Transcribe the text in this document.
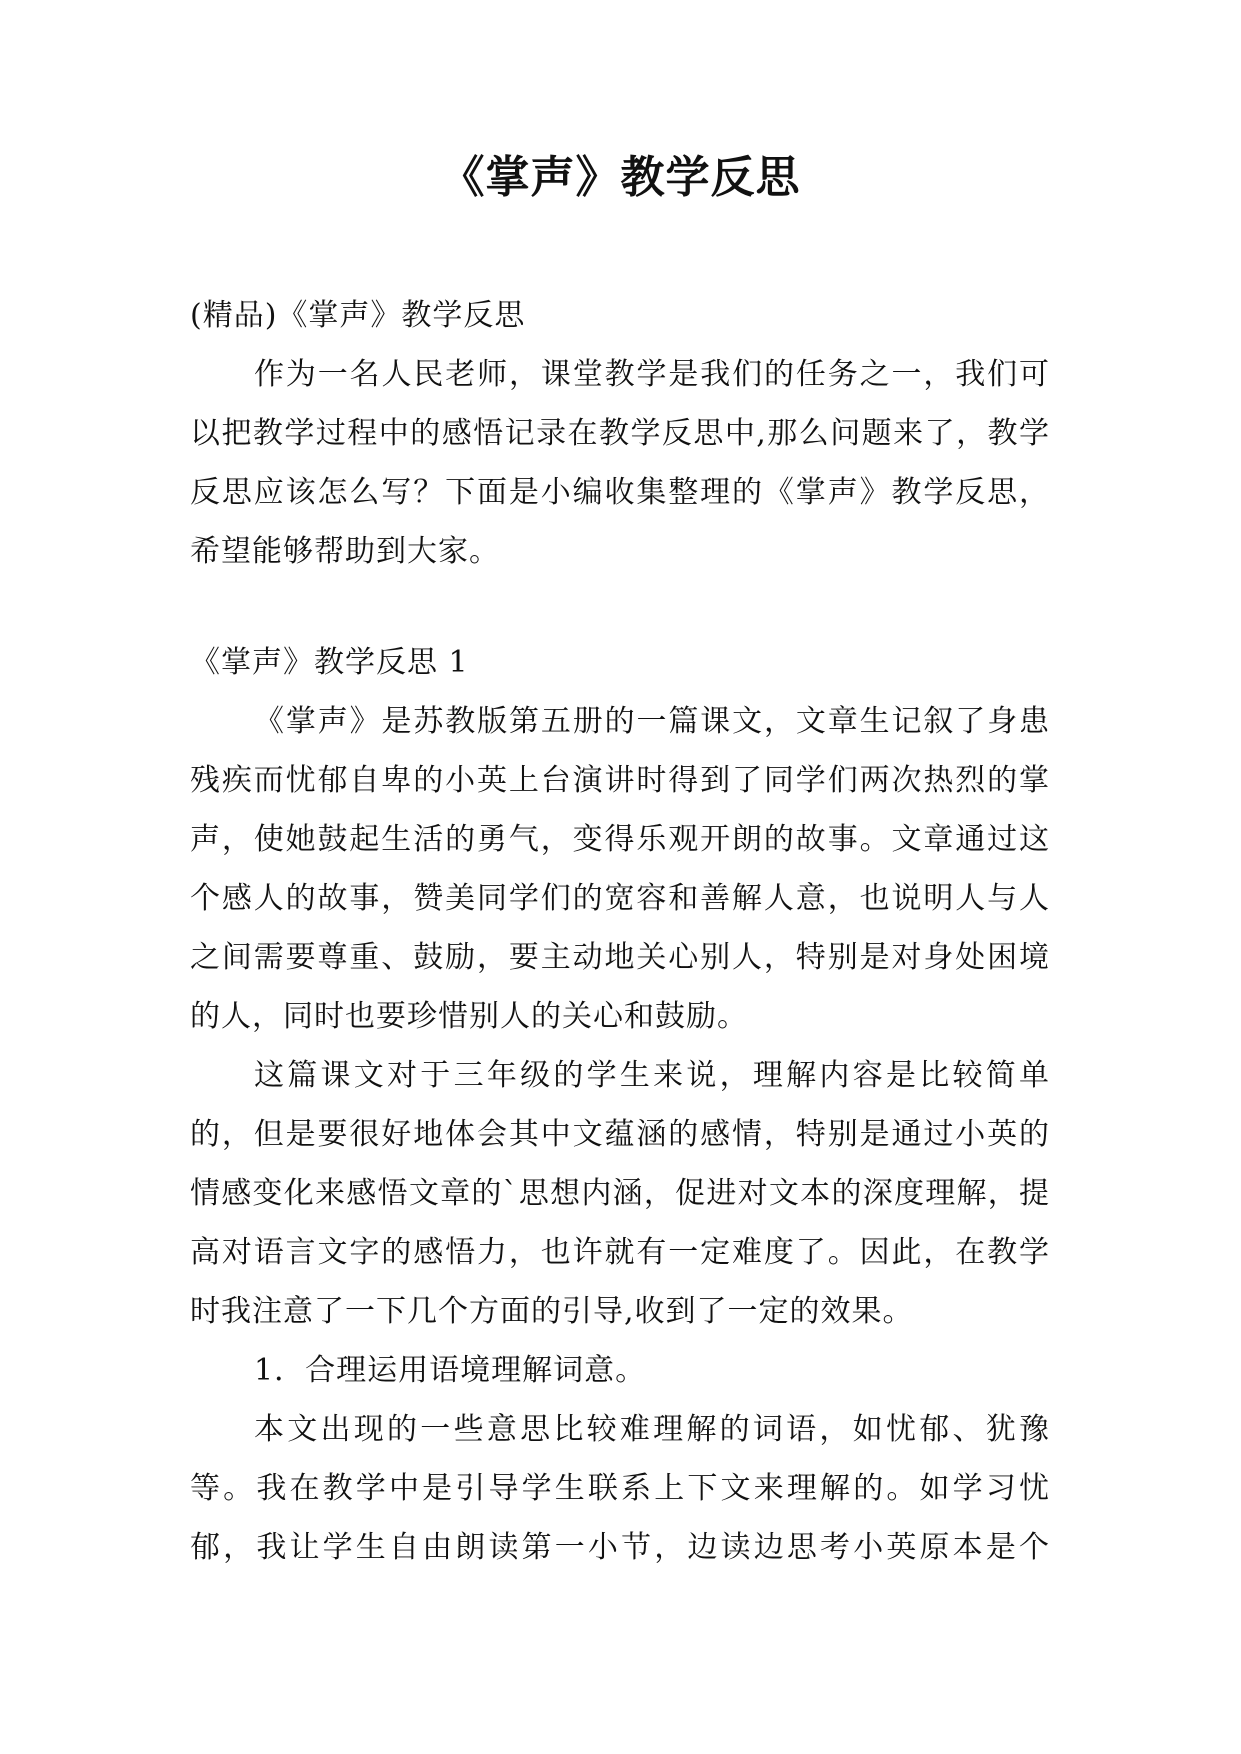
《掌声》教学反思

(精品)《掌声》教学反思

作为一名人民老师，课堂教学是我们的任务之一，我们可以把教学过程中的感悟记录在教学反思中,那么问题来了，教学反思应该怎么写？下面是小编收集整理的《掌声》教学反思，希望能够帮助到大家。

《掌声》教学反思 1

《掌声》是苏教版第五册的一篇课文，文章生记叙了身患残疾而忧郁自卑的小英上台演讲时得到了同学们两次热烈的掌声，使她鼓起生活的勇气，变得乐观开朗的故事。文章通过这个感人的故事，赞美同学们的宽容和善解人意，也说明人与人之间需要尊重、鼓励，要主动地关心别人，特别是对身处困境的人，同时也要珍惜别人的关心和鼓励。

这篇课文对于三年级的学生来说，理解内容是比较简单的，但是要很好地体会其中文蕴涵的感情，特别是通过小英的情感变化来感悟文章的`思想内涵，促进对文本的深度理解，提高对语言文字的感悟力，也许就有一定难度了。因此，在教学时我注意了一下几个方面的引导,收到了一定的效果。

1．合理运用语境理解词意。

本文出现的一些意思比较难理解的词语，如忧郁、犹豫等。我在教学中是引导学生联系上下文来理解的。如学习忧郁，我让学生自由朗读第一小节，边读边思考小英原本是个
